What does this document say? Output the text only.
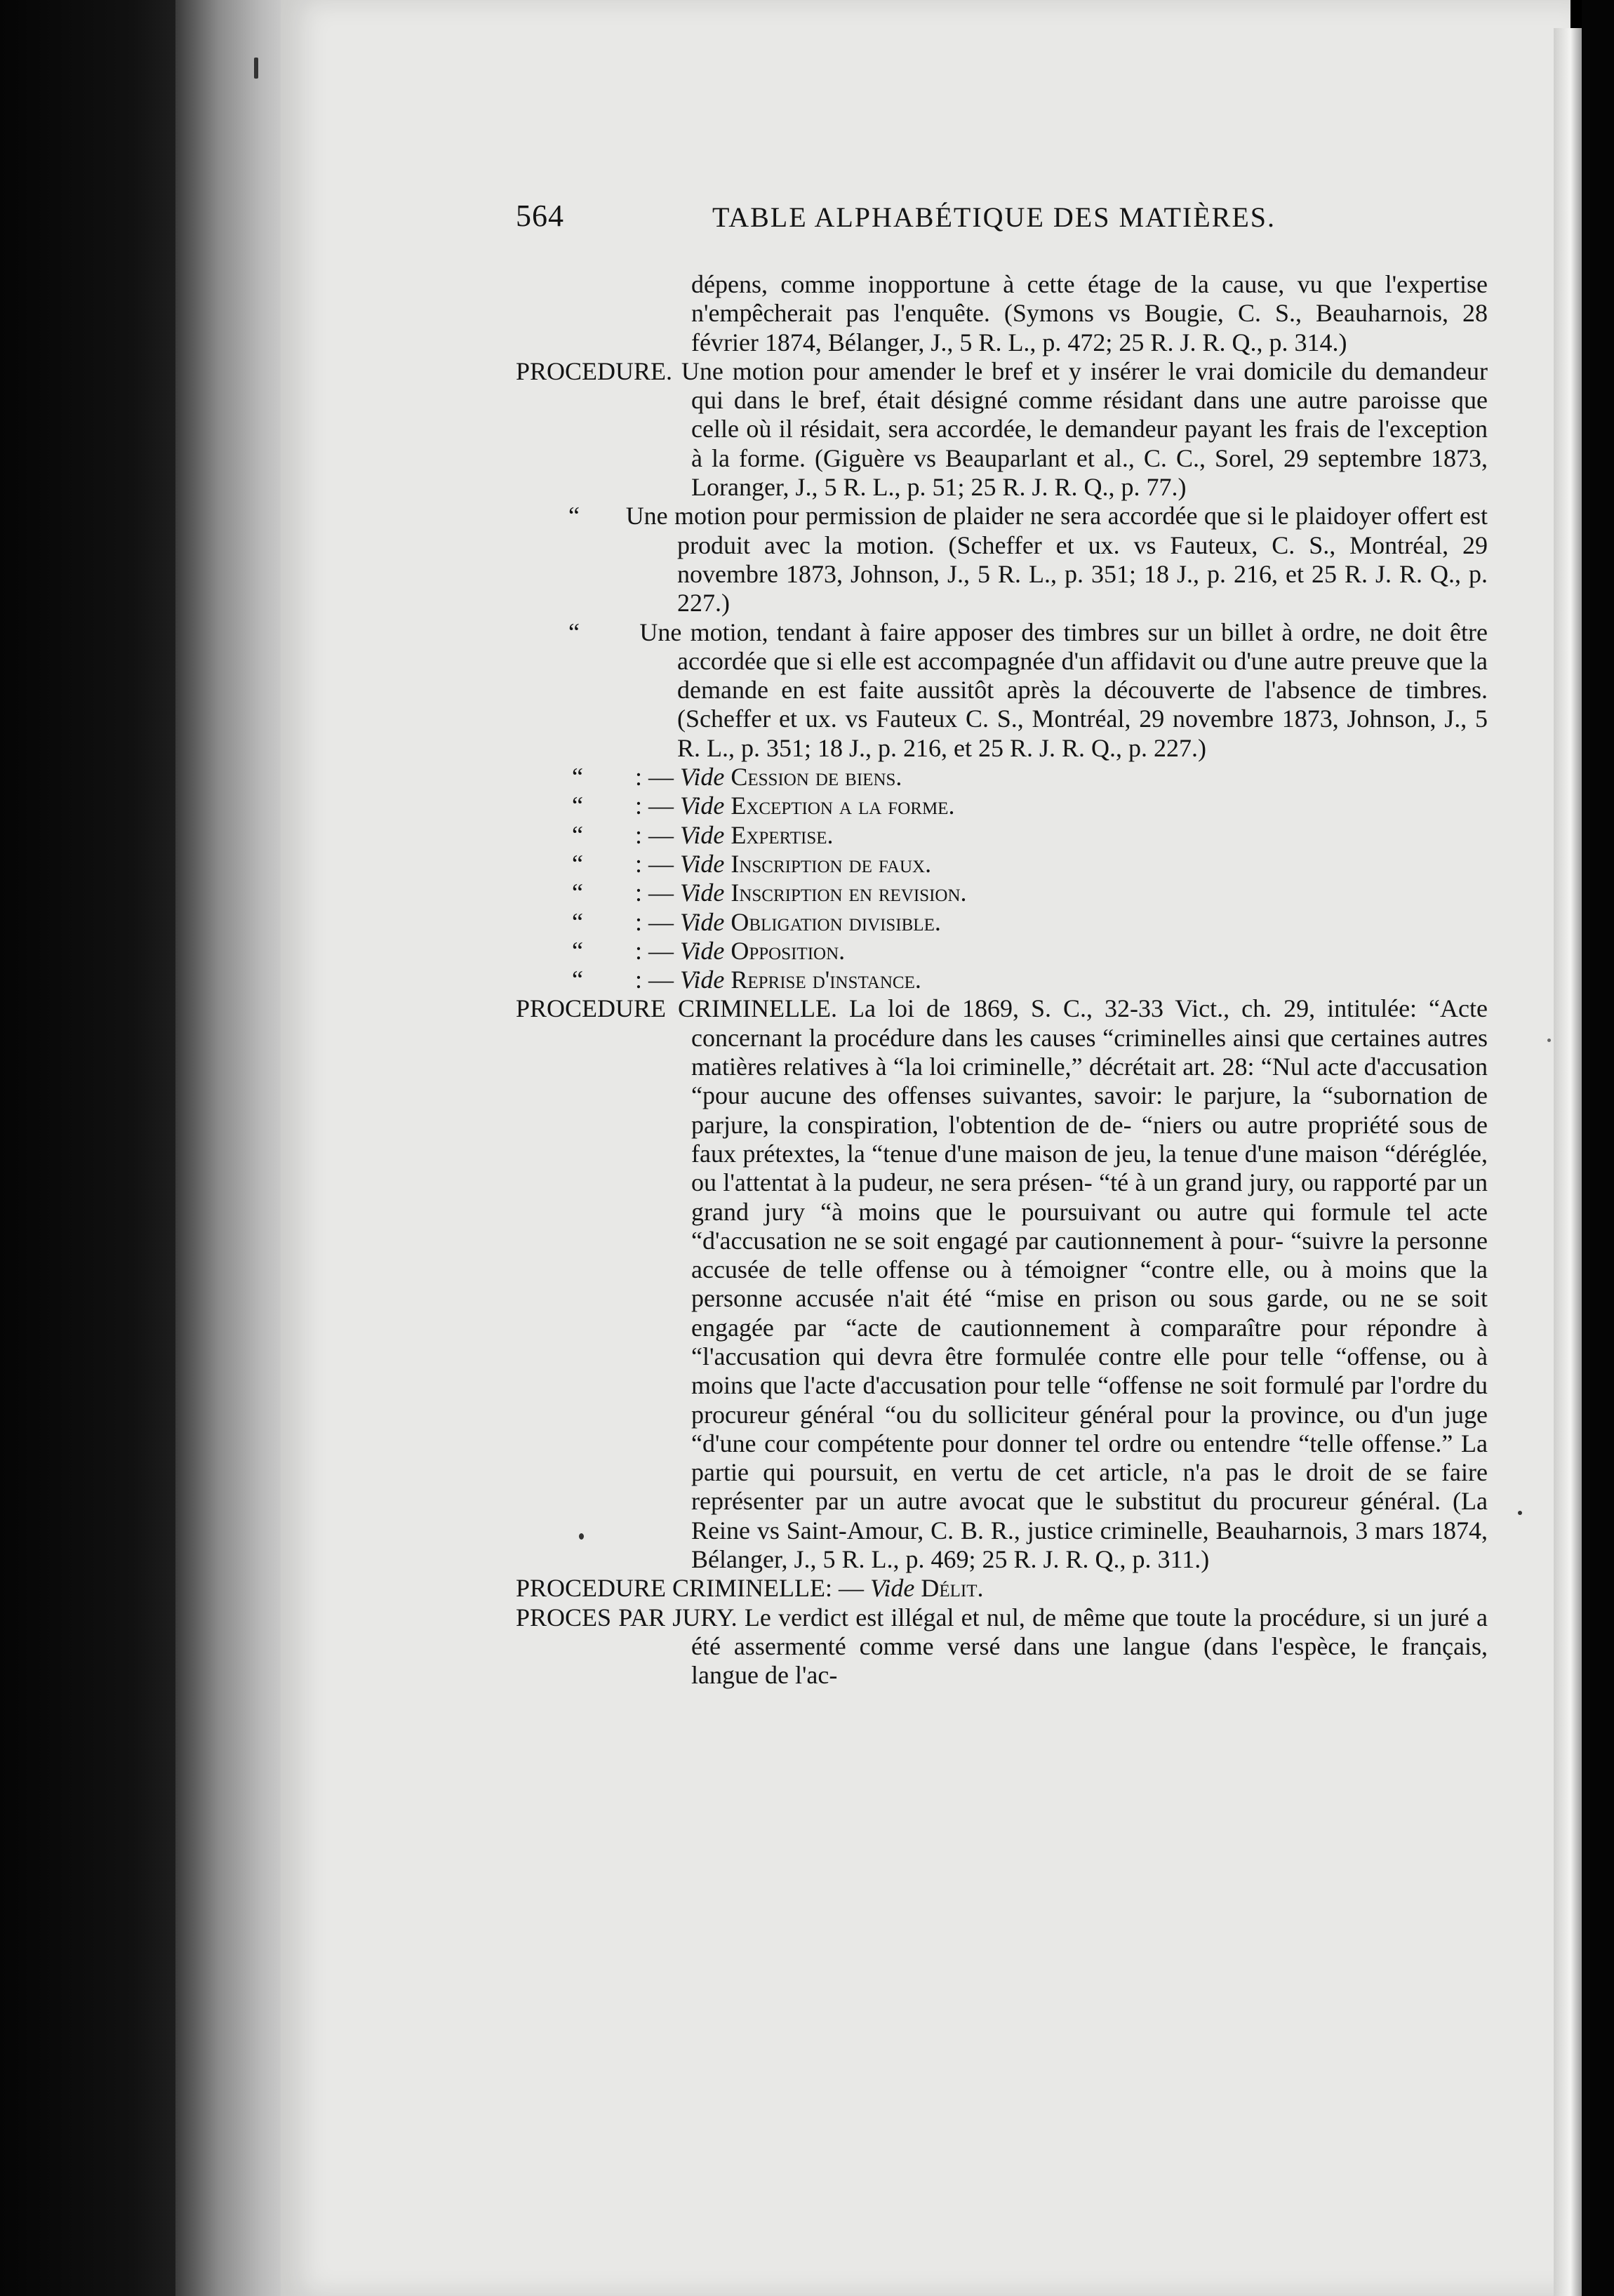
564	TABLE ALPHABÉTIQUE DES MATIÈRES.

dépens, comme inopportune à cette étage de la cause, vu que l'expertise n'empêcherait pas l'enquête. (Symons vs Bougie, C. S., Beauharnois, 28 février 1874, Bélanger, J., 5 R. L., p. 472; 25 R. J. R. Q., p. 314.)

PROCEDURE. Une motion pour amender le bref et y insérer le vrai domicile du demandeur qui dans le bref, était désigné comme résidant dans une autre paroisse que celle où il résidait, sera accordée, le demandeur payant les frais de l'exception à la forme. (Giguère vs Beauparlant et al., C. C., Sorel, 29 septembre 1873, Loranger, J., 5 R. L., p. 51; 25 R. J. R. Q., p. 77.)

“ Une motion pour permission de plaider ne sera accordée que si le plaidoyer offert est produit avec la motion. (Scheffer et ux. vs Fauteux, C. S., Montréal, 29 novembre 1873, Johnson, J., 5 R. L., p. 351; 18 J., p. 216, et 25 R. J. R. Q., p. 227.)

“ Une motion, tendant à faire apposer des timbres sur un billet à ordre, ne doit être accordée que si elle est accompagnée d'un affidavit ou d'une autre preuve que la demande en est faite aussitôt après la découverte de l'absence de timbres. (Scheffer et ux. vs Fauteux C. S., Montréal, 29 novembre 1873, Johnson, J., 5 R. L., p. 351; 18 J., p. 216, et 25 R. J. R. Q., p. 227.)

“ : — Vide Cession de biens.
“ : — Vide Exception a la forme.
“ : — Vide Expertise.
“ : — Vide Inscription de faux.
“ : — Vide Inscription en revision.
“ : — Vide Obligation divisible.
“ : — Vide Opposition.
“ : — Vide Reprise d'instance.

PROCEDURE CRIMINELLE. La loi de 1869, S. C., 32-33 Vict., ch. 29, intitulée: “Acte concernant la procédure dans les causes “criminelles ainsi que certaines autres matières relatives à “la loi criminelle,” décrétait art. 28: “Nul acte d'accusation “pour aucune des offenses suivantes, savoir: le parjure, la “subornation de parjure, la conspiration, l'obtention de de- “niers ou autre propriété sous de faux prétextes, la “tenue d'une maison de jeu, la tenue d'une maison “déréglée, ou l'attentat à la pudeur, ne sera présen- “té à un grand jury, ou rapporté par un grand jury “à moins que le poursuivant ou autre qui formule tel acte “d'accusation ne se soit engagé par cautionnement à pour- “suivre la personne accusée de telle offense ou à témoigner “contre elle, ou à moins que la personne accusée n'ait été “mise en prison ou sous garde, ou ne se soit engagée par “acte de cautionnement à comparaître pour répondre à “l'accusation qui devra être formulée contre elle pour telle “offense, ou à moins que l'acte d'accusation pour telle “offense ne soit formulé par l'ordre du procureur général “ou du solliciteur général pour la province, ou d'un juge “d'une cour compétente pour donner tel ordre ou entendre “telle offense.” La partie qui poursuit, en vertu de cet article, n'a pas le droit de se faire représenter par un autre avocat que le substitut du procureur général. (La Reine vs Saint-Amour, C. B. R., justice criminelle, Beauharnois, 3 mars 1874, Bélanger, J., 5 R. L., p. 469; 25 R. J. R. Q., p. 311.)

PROCEDURE CRIMINELLE: — Vide Délit.

PROCES PAR JURY. Le verdict est illégal et nul, de même que toute la procédure, si un juré a été assermenté comme versé dans une langue (dans l'espèce, le français, langue de l'ac-
